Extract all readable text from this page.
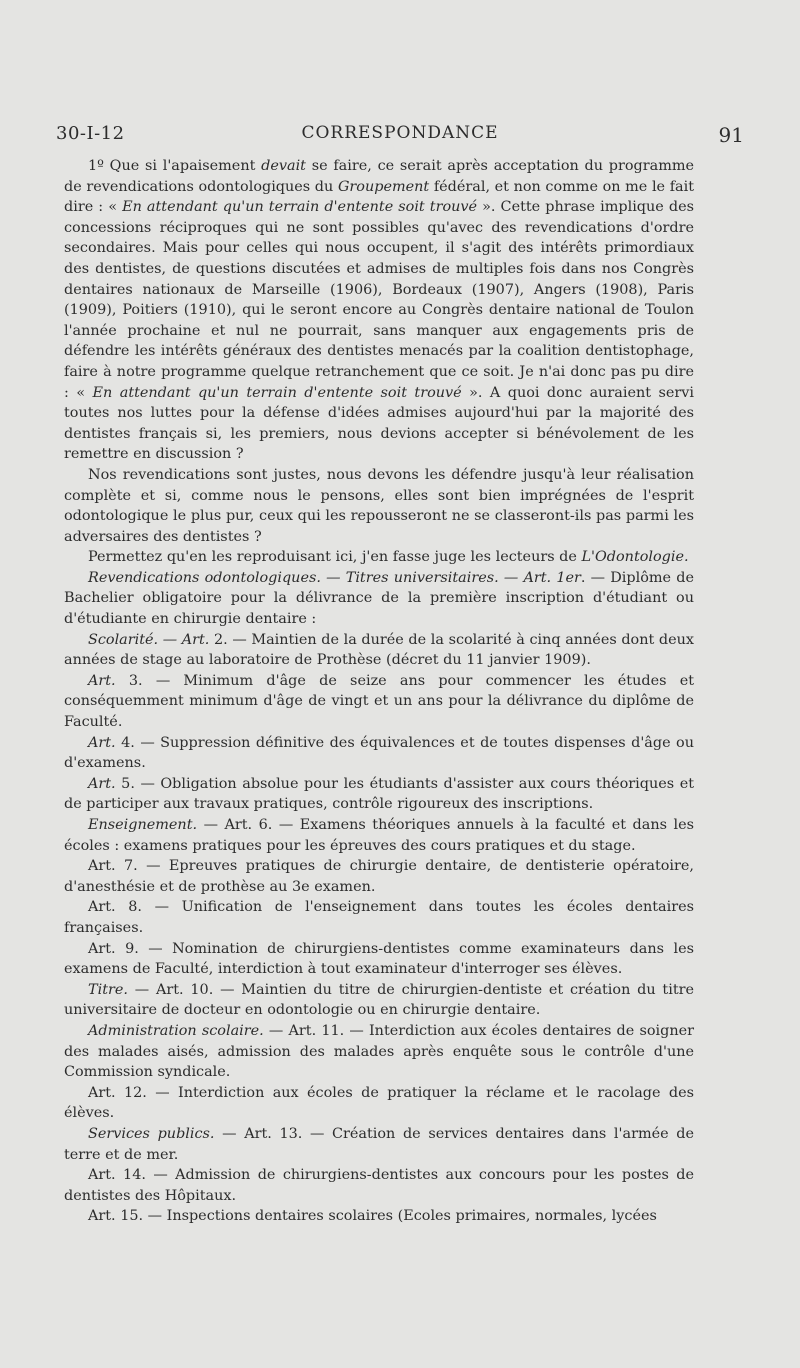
30-I-12	CORRESPONDANCE	91

1º Que si l'apaisement devait se faire, ce serait après acceptation du programme de revendications odontologiques du Groupement fédéral, et non comme on me le fait dire : « En attendant qu'un terrain d'entente soit trouvé ». Cette phrase implique des concessions réciproques qui ne sont possibles qu'avec des revendications d'ordre secondaires. Mais pour celles qui nous occupent, il s'agit des intérêts primordiaux des dentistes, de questions discutées et admises de multiples fois dans nos Congrès dentaires nationaux de Marseille (1906), Bordeaux (1907), Angers (1908), Paris (1909), Poitiers (1910), qui le seront encore au Congrès dentaire national de Toulon l'année prochaine et nul ne pourrait, sans manquer aux engagements pris de défendre les intérêts généraux des dentistes menacés par la coalition dentistophage, faire à notre programme quelque retranchement que ce soit. Je n'ai donc pas pu dire : « En attendant qu'un terrain d'entente soit trouvé ». A quoi donc auraient servi toutes nos luttes pour la défense d'idées admises aujourd'hui par la majorité des dentistes français si, les premiers, nous devions accepter si bénévolement de les remettre en discussion ?

Nos revendications sont justes, nous devons les défendre jusqu'à leur réalisation complète et si, comme nous le pensons, elles sont bien imprégnées de l'esprit odontologique le plus pur, ceux qui les repousseront ne se classeront-ils pas parmi les adversaires des dentistes ?

Permettez qu'en les reproduisant ici, j'en fasse juge les lecteurs de L'Odontologie.

Revendications odontologiques. — Titres universitaires. — Art. 1er. — Diplôme de Bachelier obligatoire pour la délivrance de la première inscription d'étudiant ou d'étudiante en chirurgie dentaire :

Scolarité. — Art. 2. — Maintien de la durée de la scolarité à cinq années dont deux années de stage au laboratoire de Prothèse (décret du 11 janvier 1909).

Art. 3. — Minimum d'âge de seize ans pour commencer les études et conséquemment minimum d'âge de vingt et un ans pour la délivrance du diplôme de Faculté.

Art. 4. — Suppression définitive des équivalences et de toutes dispenses d'âge ou d'examens.

Art. 5. — Obligation absolue pour les étudiants d'assister aux cours théoriques et de participer aux travaux pratiques, contrôle rigoureux des inscriptions.

Enseignement. — Art. 6. — Examens théoriques annuels à la faculté et dans les écoles : examens pratiques pour les épreuves des cours pratiques et du stage.

Art. 7. — Epreuves pratiques de chirurgie dentaire, de dentisterie opératoire, d'anesthésie et de prothèse au 3e examen.

Art. 8. — Unification de l'enseignement dans toutes les écoles dentaires françaises.

Art. 9. — Nomination de chirurgiens-dentistes comme examinateurs dans les examens de Faculté, interdiction à tout examinateur d'interroger ses élèves.

Titre. — Art. 10. — Maintien du titre de chirurgien-dentiste et création du titre universitaire de docteur en odontologie ou en chirurgie dentaire.

Administration scolaire. — Art. 11. — Interdiction aux écoles dentaires de soigner des malades aisés, admission des malades après enquête sous le contrôle d'une Commission syndicale.

Art. 12. — Interdiction aux écoles de pratiquer la réclame et le racolage des élèves.

Services publics. — Art. 13. — Création de services dentaires dans l'armée de terre et de mer.

Art. 14. — Admission de chirurgiens-dentistes aux concours pour les postes de dentistes des Hôpitaux.

Art. 15. — Inspections dentaires scolaires (Ecoles primaires, normales, lycées
